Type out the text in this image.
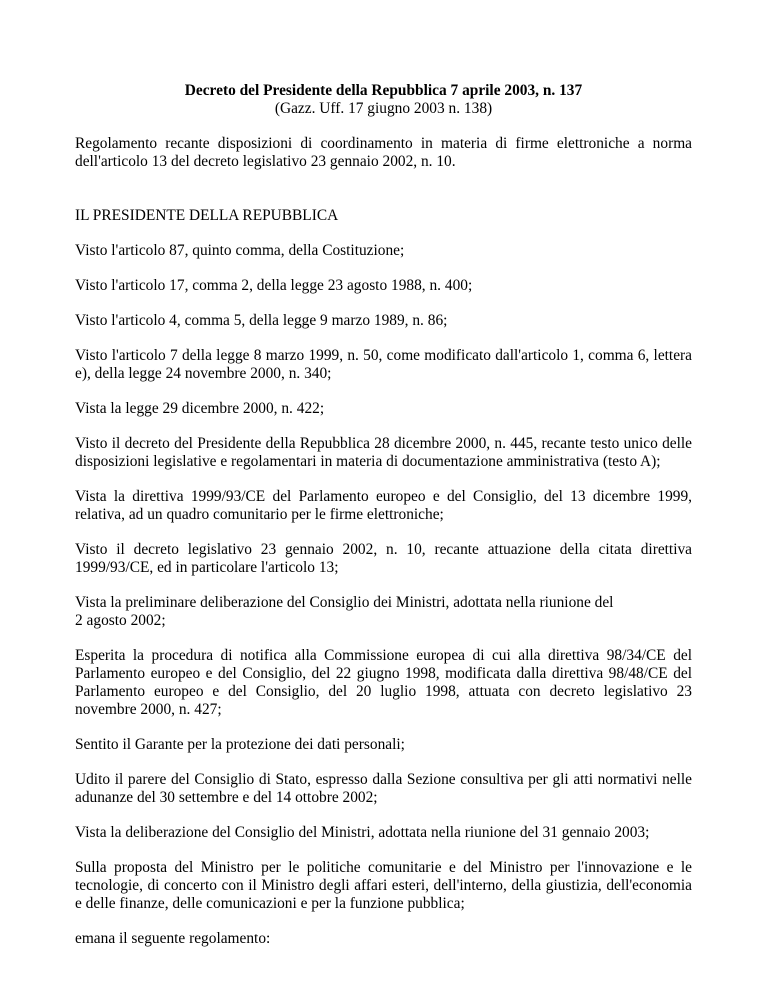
Decreto del Presidente della Repubblica 7 aprile 2003, n. 137
(Gazz. Uff. 17 giugno 2003 n. 138)

Regolamento recante disposizioni di coordinamento in materia di firme elettroniche a norma dell'articolo 13 del decreto legislativo 23 gennaio 2002, n. 10.

IL PRESIDENTE DELLA REPUBBLICA

Visto l'articolo 87, quinto comma, della Costituzione;

Visto l'articolo 17, comma 2, della legge 23 agosto 1988, n. 400;

Visto l'articolo 4, comma 5, della legge 9 marzo 1989, n. 86;

Visto l'articolo 7 della legge 8 marzo 1999, n. 50, come modificato dall'articolo 1, comma 6, lettera e), della legge 24 novembre 2000, n. 340;

Vista la legge 29 dicembre 2000, n. 422;

Visto il decreto del Presidente della Repubblica 28 dicembre 2000, n. 445, recante testo unico delle disposizioni legislative e regolamentari in materia di documentazione amministrativa (testo A);

Vista la direttiva 1999/93/CE del Parlamento europeo e del Consiglio, del 13 dicembre 1999, relativa, ad un quadro comunitario per le firme elettroniche;

Visto il decreto legislativo 23 gennaio 2002, n. 10, recante attuazione della citata direttiva 1999/93/CE, ed in particolare l'articolo 13;

Vista la preliminare deliberazione del Consiglio dei Ministri, adottata nella riunione del
2 agosto 2002;

Esperita la procedura di notifica alla Commissione europea di cui alla direttiva 98/34/CE del Parlamento europeo e del Consiglio, del 22 giugno 1998, modificata dalla direttiva 98/48/CE del Parlamento europeo e del Consiglio, del 20 luglio 1998, attuata con decreto legislativo 23 novembre 2000, n. 427;

Sentito il Garante per la protezione dei dati personali;

Udito il parere del Consiglio di Stato, espresso dalla Sezione consultiva per gli atti normativi nelle adunanze del 30 settembre e del 14 ottobre 2002;

Vista la deliberazione del Consiglio del Ministri, adottata nella riunione del 31 gennaio 2003;

Sulla proposta del Ministro per le politiche comunitarie e del Ministro per l'innovazione e le tecnologie, di concerto con il Ministro degli affari esteri, dell'interno, della giustizia, dell'economia e delle finanze, delle comunicazioni e per la funzione pubblica;

emana il seguente regolamento:
